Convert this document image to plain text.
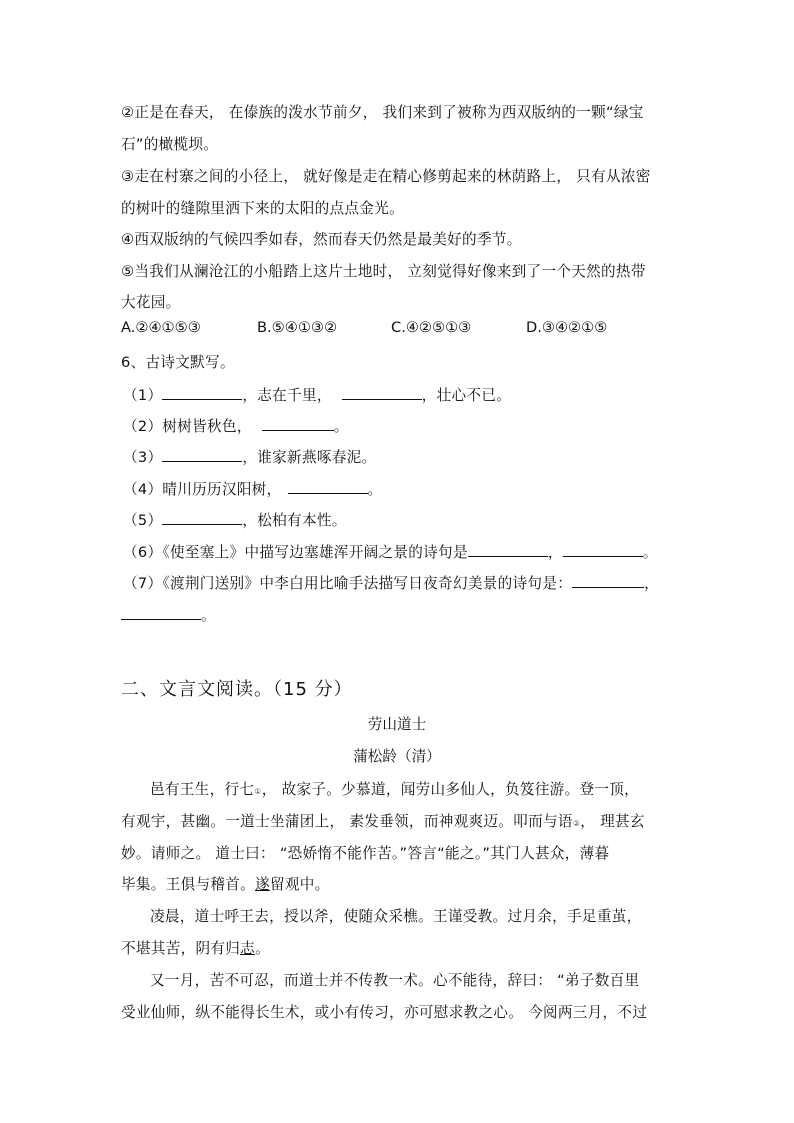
②正是在春天， 在傣族的泼水节前夕， 我们来到了被称为西双版纳的一颗“绿宝
石”的橄榄坝。
③走在村寨之间的小径上， 就好像是走在精心修剪起来的林荫路上， 只有从浓密
的树叶的缝隙里洒下来的太阳的点点金光。
④西双版纳的气候四季如春，然而春天仍然是最美好的季节。
⑤当我们从澜沧江的小船踏上这片土地时， 立刻觉得好像来到了一个天然的热带
大花园。
A.②④①⑤③	B.⑤④①③②	C.④②⑤①③	D.③④②①⑤
6、古诗文默写。
（1）	，志在千里，	，壮心不已。
（2）树树皆秋色，	。
（3）	，谁家新燕啄春泥。
（4）晴川历历汉阳树，	。
（5）	，松柏有本性。
（6）《使至塞上》中描写边塞雄浑开阔之景的诗句是	，	。
（7）《渡荆门送别》中李白用比喻手法描写日夜奇幻美景的诗句是：	，
。
二、文言文阅读。（15 分）
劳山道士
蒲松龄（清）
邑有王生，行七①， 故家子。少慕道，闻劳山多仙人，负笈往游。登一顶，
有观宇，甚幽。一道士坐蒲团上， 素发垂领，而神观爽迈。叩而与语②， 理甚玄
妙。请师之。 道士曰： “恐娇惰不能作苦。”答言“能之。”其门人甚众，薄暮
毕集。王俱与稽首。遂留观中。
凌晨，道士呼王去，授以斧，使随众采樵。王谨受教。过月余，手足重茧，
不堪其苦，阴有归志。
又一月，苦不可忍，而道士并不传教一术。心不能待，辞曰： “弟子数百里
受业仙师，纵不能得长生术，或小有传习，亦可慰求教之心。 今阅两三月，不过
